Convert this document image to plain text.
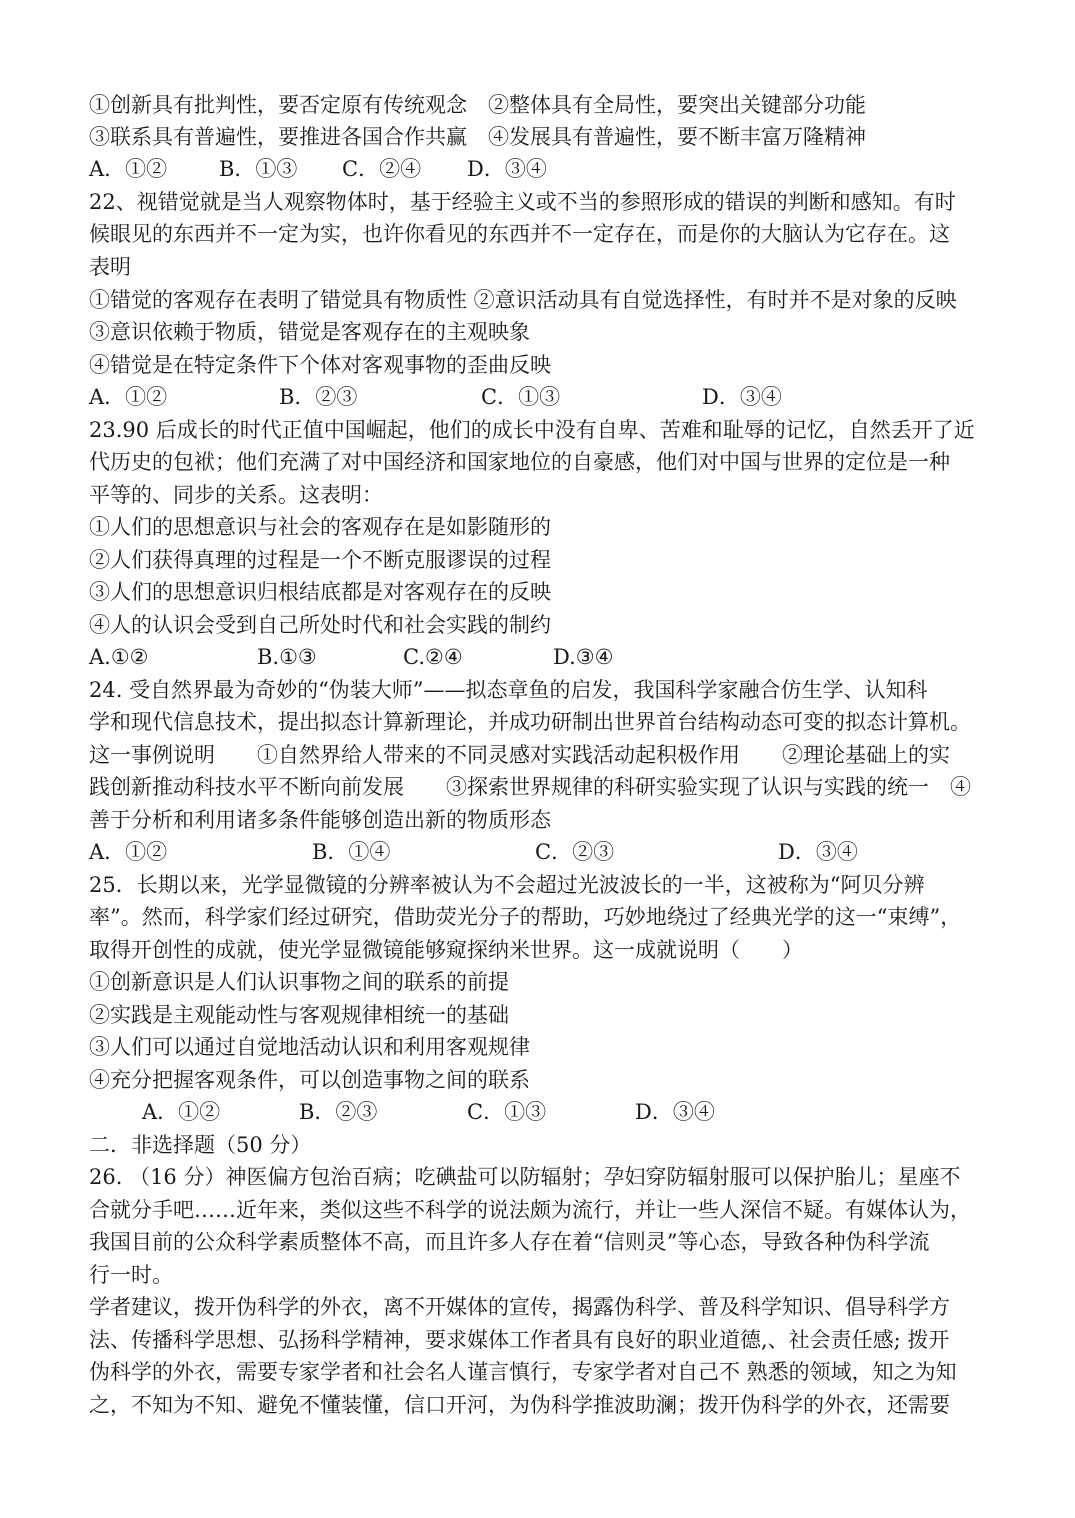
①创新具有批判性，要否定原有传统观念　②整体具有全局性，要突出关键部分功能
③联系具有普遍性，要推进各国合作共赢　④发展具有普遍性，要不断丰富万隆精神
A．①② B．①③ C．②④ D．③④
22、视错觉就是当人观察物体时，基于经验主义或不当的参照形成的错误的判断和感知。有时
候眼见的东西并不一定为实，也许你看见的东西并不一定存在，而是你的大脑认为它存在。这
表明
①错觉的客观存在表明了错觉具有物质性 ②意识活动具有自觉选择性，有时并不是对象的反映
③意识依赖于物质，错觉是客观存在的主观映象
④错觉是在特定条件下个体对客观事物的歪曲反映
A．①②	B．②③	C．①③	D．③④
23.90 后成长的时代正值中国崛起，他们的成长中没有自卑、苦难和耻辱的记忆，自然丢开了近
代历史的包袱；他们充满了对中国经济和国家地位的自豪感，他们对中国与世界的定位是一种
平等的、同步的关系。这表明：
①人们的思想意识与社会的客观存在是如影随形的
②人们获得真理的过程是一个不断克服谬误的过程
③人们的思想意识归根结底都是对客观存在的反映
④人的认识会受到自己所处时代和社会实践的制约
A.①②	B.①③	C.②④	D.③④
24. 受自然界最为奇妙的“伪装大师”——拟态章鱼的启发，我国科学家融合仿生学、认知科
学和现代信息技术，提出拟态计算新理论，并成功研制出世界首台结构动态可变的拟态计算机。
这一事例说明　　①自然界给人带来的不同灵感对实践活动起积极作用　　②理论基础上的实
践创新推动科技水平不断向前发展　　③探索世界规律的科研实验实现了认识与实践的统一　④
善于分析和利用诸多条件能够创造出新的物质形态
A．①②	B．①④	C．②③	D．③④
25．长期以来，光学显微镜的分辨率被认为不会超过光波波长的一半，这被称为“阿贝分辨
率”。然而，科学家们经过研究，借助荧光分子的帮助，巧妙地绕过了经典光学的这一“束缚”，
取得开创性的成就，使光学显微镜能够窥探纳米世界。这一成就说明（　　）
①创新意识是人们认识事物之间的联系的前提
②实践是主观能动性与客观规律相统一的基础
③人们可以通过自觉地活动认识和利用客观规律
④充分把握客观条件，可以创造事物之间的联系
A．①②	B．②③	C．①③	D．③④
二．非选择题（50 分）
26. （16 分）神医偏方包治百病；吃碘盐可以防辐射；孕妇穿防辐射服可以保护胎儿；星座不
合就分手吧……近年来，类似这些不科学的说法颇为流行，并让一些人深信不疑。有媒体认为，
我国目前的公众科学素质整体不高，而且许多人存在着“信则灵”等心态，导致各种伪科学流
行一时。
学者建议，拨开伪科学的外衣，离不开媒体的宣传，揭露伪科学、普及科学知识、倡导科学方
法、传播科学思想、弘扬科学精神，要求媒体工作者具有良好的职业道德,、社会责任感; 拨开
伪科学的外衣，需要专家学者和社会名人谨言慎行，专家学者对自己不 熟悉的领域，知之为知
之，不知为不知、避免不懂装懂，信口开河，为伪科学推波助澜；拨开伪科学的外衣，还需要
